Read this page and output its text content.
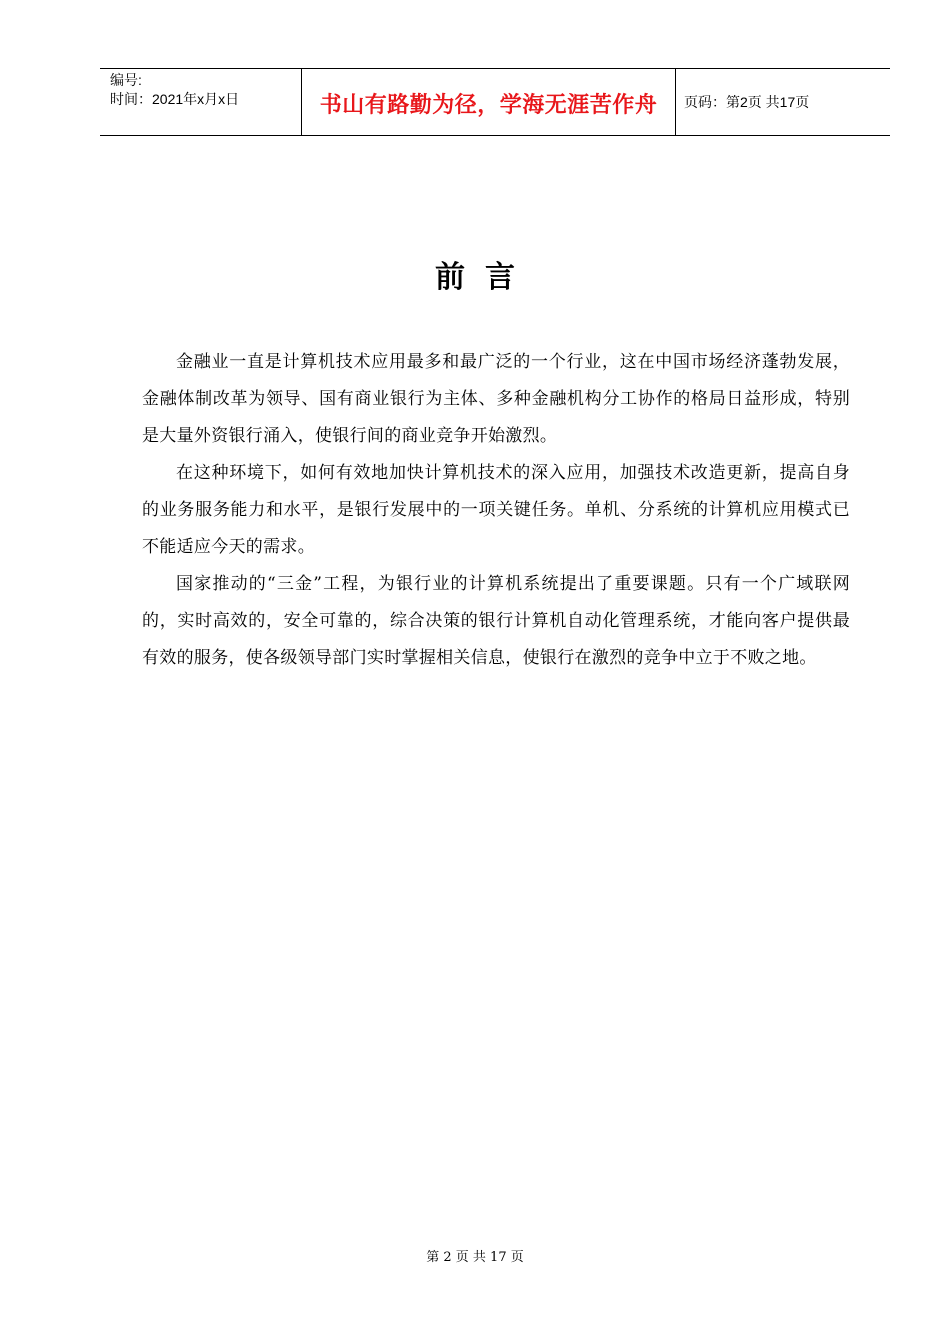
编号:
时间：2021年x月x日	书山有路勤为径，学海无涯苦作舟 页码：第2页 共17页
前言

金融业一直是计算机技术应用最多和最广泛的一个行业，这在中国市场经济蓬勃发展，金融体制改革为领导、国有商业银行为主体、多种金融机构分工协作的格局日益形成，特别是大量外资银行涌入，使银行间的商业竞争开始激烈。

在这种环境下，如何有效地加快计算机技术的深入应用，加强技术改造更新，提高自身的业务服务能力和水平，是银行发展中的一项关键任务。单机、分系统的计算机应用模式已不能适应今天的需求。

国家推动的“三金”工程，为银行业的计算机系统提出了重要课题。只有一个广域联网的，实时高效的，安全可靠的，综合决策的银行计算机自动化管理系统，才能向客户提供最有效的服务，使各级领导部门实时掌握相关信息，使银行在激烈的竞争中立于不败之地。

第 2 页 共 17 页
